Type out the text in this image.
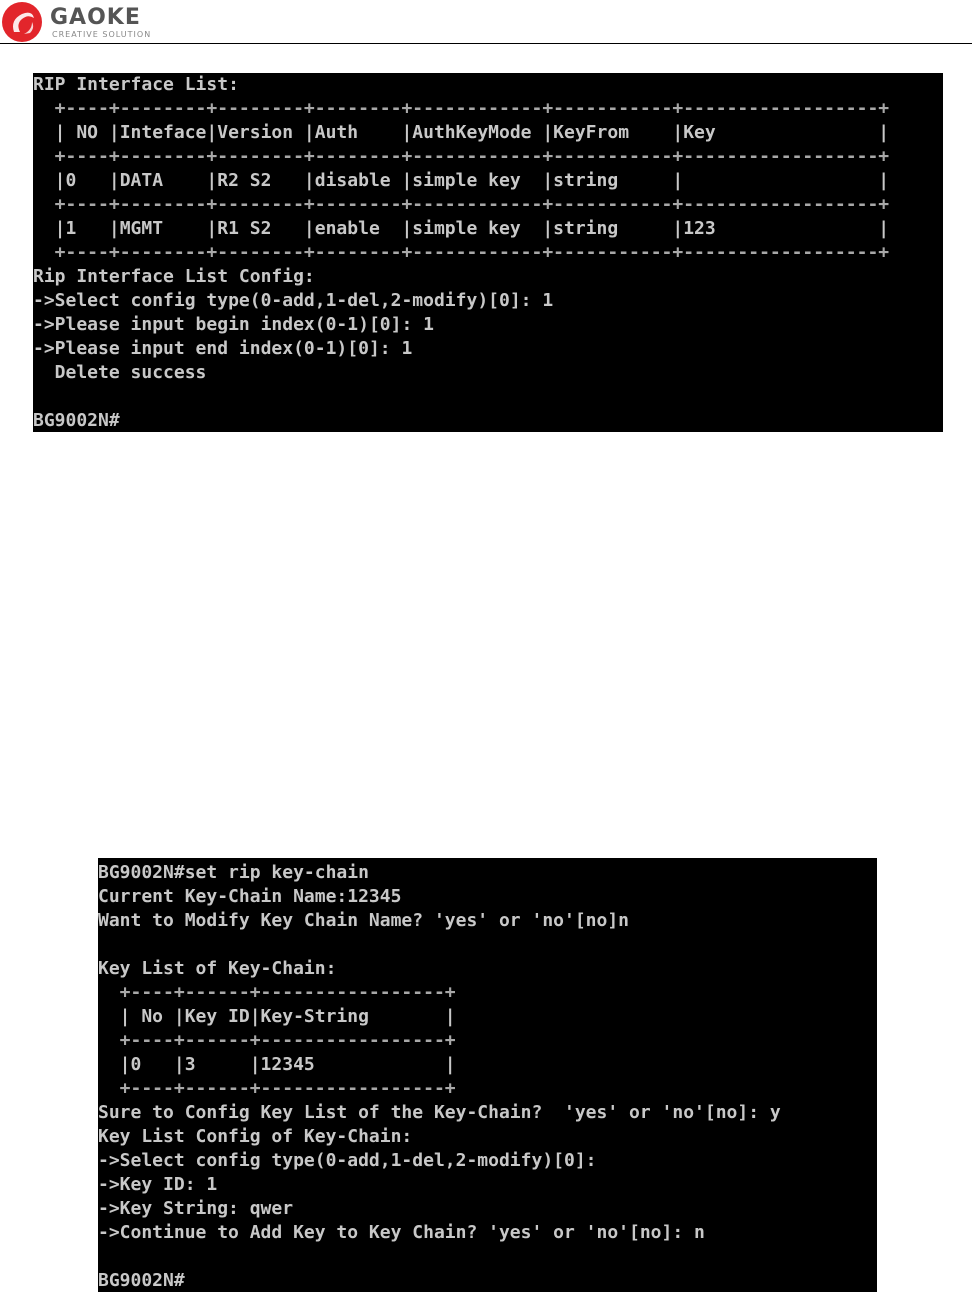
GAOKE
CREATIVE SOLUTION
RIP Interface List:
+----+--------+--------+--------+------------+-----------+------------------+
| NO |Inteface|Version |Auth    |AuthKeyMode |KeyFrom    |Key               |
+----+--------+--------+--------+------------+-----------+------------------+
|0   |DATA    |R2 S2   |disable |simple key  |string     |                  |
+----+--------+--------+--------+------------+-----------+------------------+
|1   |MGMT    |R1 S2   |enable  |simple key  |string     |123               |
+----+--------+--------+--------+------------+-----------+------------------+
Rip Interface List Config:
->Select config type(0-add,1-del,2-modify)[0]: 1
->Please input begin index(0-1)[0]: 1
->Please input end index(0-1)[0]: 1
Delete success
BG9002N#
BG9002N#set rip key-chain
Current Key-Chain Name:12345
Want to Modify Key Chain Name? 'yes' or 'no'[no]n
Key List of Key-Chain:
+----+------+-----------------+
| No |Key ID|Key-String       |
+----+------+-----------------+
|0   |3     |12345            |
+----+------+-----------------+
Sure to Config Key List of the Key-Chain?  'yes' or 'no'[no]: y
Key List Config of Key-Chain:
->Select config type(0-add,1-del,2-modify)[0]:
->Key ID: 1
->Key String: qwer
->Continue to Add Key to Key Chain? 'yes' or 'no'[no]: n
BG9002N#
